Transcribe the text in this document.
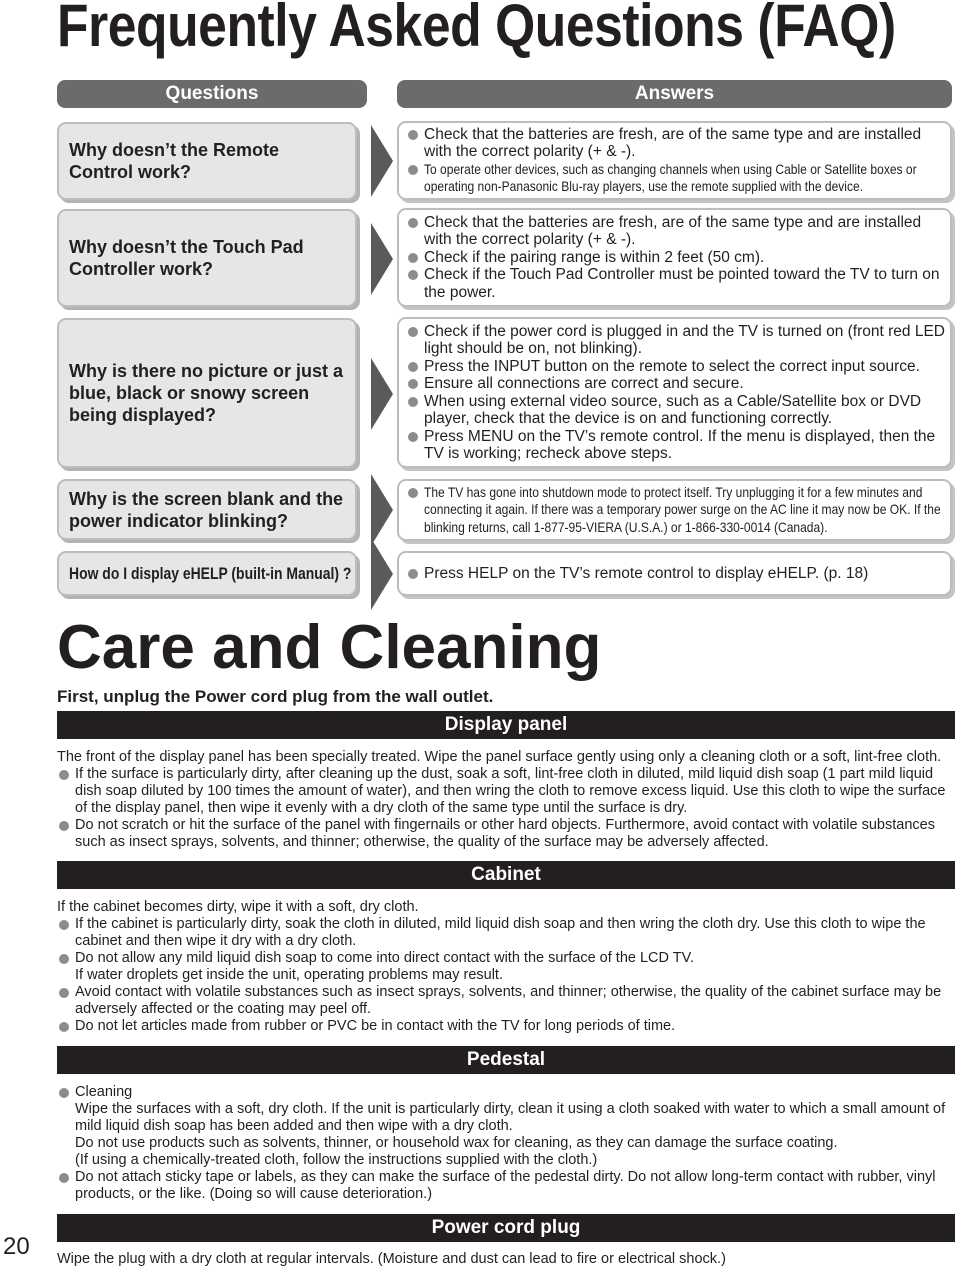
Frequently Asked Questions (FAQ)
Questions	Answers
Why doesn’t the Remote Control work?
Check that the batteries are fresh, are of the same type and are installed with the correct polarity (+ & -).
To operate other devices, such as changing channels when using Cable or Satellite boxes or operating non-Panasonic Blu-ray players, use the remote supplied with the device.
Why doesn’t the Touch Pad Controller work?
Check that the batteries are fresh, are of the same type and are installed with the correct polarity (+ & -).
Check if the pairing range is within 2 feet (50 cm).
Check if the Touch Pad Controller must be pointed toward the TV to turn on the power.
Why is there no picture or just a blue, black or snowy screen being displayed?
Check if the power cord is plugged in and the TV is turned on (front red LED light should be on, not blinking).
Press the INPUT button on the remote to select the correct input source.
Ensure all connections are correct and secure.
When using external video source, such as a Cable/Satellite box or DVD player, check that the device is on and functioning correctly.
Press MENU on the TV’s remote control. If the menu is displayed, then the TV is working; recheck above steps.
Why is the screen blank and the power indicator blinking?
The TV has gone into shutdown mode to protect itself. Try unplugging it for a few minutes and connecting it again. If there was a temporary power surge on the AC line it may now be OK. If the blinking returns, call 1-877-95-VIERA (U.S.A.) or 1-866-330-0014 (Canada).
How do I display eHELP (built-in Manual) ?	Press HELP on the TV’s remote control to display eHELP. (p. 18)
Care and Cleaning
First, unplug the Power cord plug from the wall outlet.
Display panel
The front of the display panel has been specially treated. Wipe the panel surface gently using only a cleaning cloth or a soft, lint-free cloth.
If the surface is particularly dirty, after cleaning up the dust, soak a soft, lint-free cloth in diluted, mild liquid dish soap (1 part mild liquid dish soap diluted by 100 times the amount of water), and then wring the cloth to remove excess liquid. Use this cloth to wipe the surface of the display panel, then wipe it evenly with a dry cloth of the same type until the surface is dry.
Do not scratch or hit the surface of the panel with fingernails or other hard objects. Furthermore, avoid contact with volatile substances such as insect sprays, solvents, and thinner; otherwise, the quality of the surface may be adversely affected.
Cabinet
If the cabinet becomes dirty, wipe it with a soft, dry cloth.
If the cabinet is particularly dirty, soak the cloth in diluted, mild liquid dish soap and then wring the cloth dry. Use this cloth to wipe the cabinet and then wipe it dry with a dry cloth.
Do not allow any mild liquid dish soap to come into direct contact with the surface of the LCD TV.
If water droplets get inside the unit, operating problems may result.
Avoid contact with volatile substances such as insect sprays, solvents, and thinner; otherwise, the quality of the cabinet surface may be adversely affected or the coating may peel off.
Do not let articles made from rubber or PVC be in contact with the TV for long periods of time.
Pedestal
Cleaning
Wipe the surfaces with a soft, dry cloth. If the unit is particularly dirty, clean it using a cloth soaked with water to which a small amount of mild liquid dish soap has been added and then wipe with a dry cloth.
Do not use products such as solvents, thinner, or household wax for cleaning, as they can damage the surface coating.
(If using a chemically-treated cloth, follow the instructions supplied with the cloth.)
Do not attach sticky tape or labels, as they can make the surface of the pedestal dirty. Do not allow long-term contact with rubber, vinyl products, or the like. (Doing so will cause deterioration.)
Power cord plug
Wipe the plug with a dry cloth at regular intervals. (Moisture and dust can lead to fire or electrical shock.)
20
